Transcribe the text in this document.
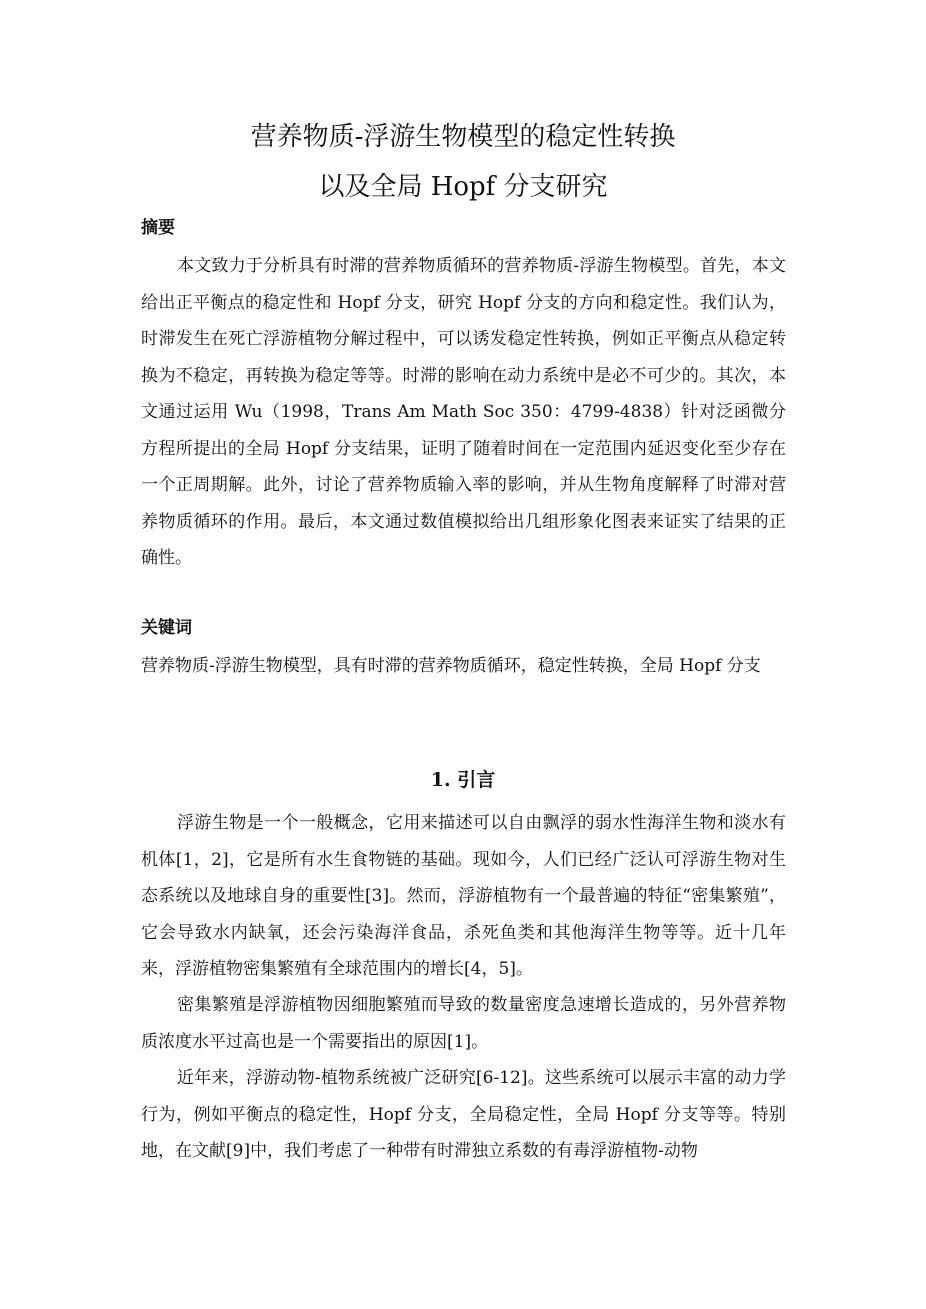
营养物质-浮游生物模型的稳定性转换
以及全局 Hopf 分支研究

摘要

本文致力于分析具有时滞的营养物质循环的营养物质-浮游生物模型。首先，本文给出正平衡点的稳定性和 Hopf 分支，研究 Hopf 分支的方向和稳定性。我们认为，时滞发生在死亡浮游植物分解过程中，可以诱发稳定性转换，例如正平衡点从稳定转换为不稳定，再转换为稳定等等。时滞的影响在动力系统中是必不可少的。其次，本文通过运用 Wu（1998，Trans Am Math Soc 350：4799-4838）针对泛函微分方程所提出的全局 Hopf 分支结果，证明了随着时间在一定范围内延迟变化至少存在一个正周期解。此外，讨论了营养物质输入率的影响，并从生物角度解释了时滞对营养物质循环的作用。最后，本文通过数值模拟给出几组形象化图表来证实了结果的正确性。

关键词

营养物质-浮游生物模型，具有时滞的营养物质循环，稳定性转换，全局 Hopf 分支

1. 引言

浮游生物是一个一般概念，它用来描述可以自由飘浮的弱水性海洋生物和淡水有机体[1，2]，它是所有水生食物链的基础。现如今，人们已经广泛认可浮游生物对生态系统以及地球自身的重要性[3]。然而，浮游植物有一个最普遍的特征“密集繁殖”，它会导致水内缺氧，还会污染海洋食品，杀死鱼类和其他海洋生物等等。近十几年来，浮游植物密集繁殖有全球范围内的增长[4，5]。

密集繁殖是浮游植物因细胞繁殖而导致的数量密度急速增长造成的，另外营养物质浓度水平过高也是一个需要指出的原因[1]。

近年来，浮游动物-植物系统被广泛研究[6-12]。这些系统可以展示丰富的动力学行为，例如平衡点的稳定性，Hopf 分支，全局稳定性，全局 Hopf 分支等等。特别地，在文献[9]中，我们考虑了一种带有时滞独立系数的有毒浮游植物-动物
